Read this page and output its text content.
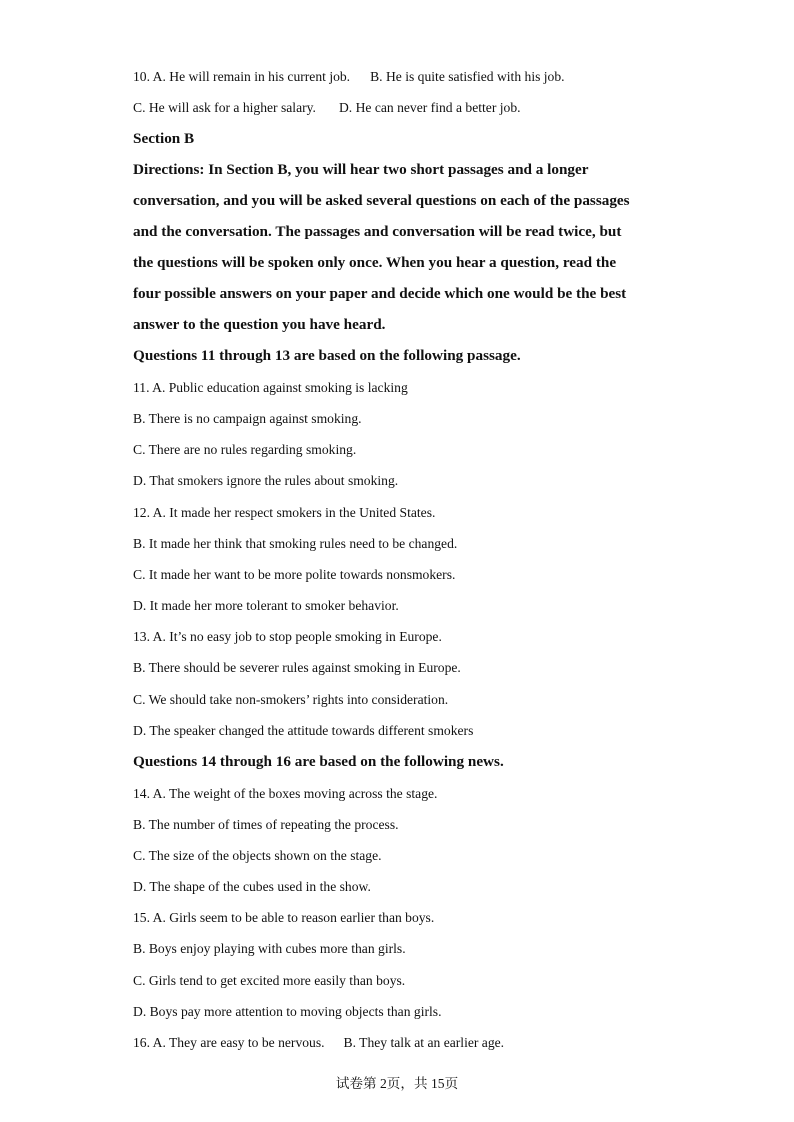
10. A. He will remain in his current job. B. He is quite satisfied with his job.
C. He will ask for a higher salary. D. He can never find a better job.
Section B
Directions: In Section B, you will hear two short passages and a longer
conversation, and you will be asked several questions on each of the passages
and the conversation. The passages and conversation will be read twice, but
the questions will be spoken only once. When you hear a question, read the
four possible answers on your paper and decide which one would be the best
answer to the question you have heard.
Questions 11 through 13 are based on the following passage.
11. A. Public education against smoking is lacking
B. There is no campaign against smoking.
C. There are no rules regarding smoking.
D. That smokers ignore the rules about smoking.
12. A. It made her respect smokers in the United States.
B. It made her think that smoking rules need to be changed.
C. It made her want to be more polite towards nonsmokers.
D. It made her more tolerant to smoker behavior.
13. A. It’s no easy job to stop people smoking in Europe.
B. There should be severer rules against smoking in Europe.
C. We should take non-smokers’ rights into consideration.
D. The speaker changed the attitude towards different smokers
Questions 14 through 16 are based on the following news.
14. A. The weight of the boxes moving across the stage.
B. The number of times of repeating the process.
C. The size of the objects shown on the stage.
D. The shape of the cubes used in the show.
15. A. Girls seem to be able to reason earlier than boys.
B. Boys enjoy playing with cubes more than girls.
C. Girls tend to get excited more easily than boys.
D. Boys pay more attention to moving objects than girls.
16. A. They are easy to be nervous. B. They talk at an earlier age.
试卷第 2页，共 15页
